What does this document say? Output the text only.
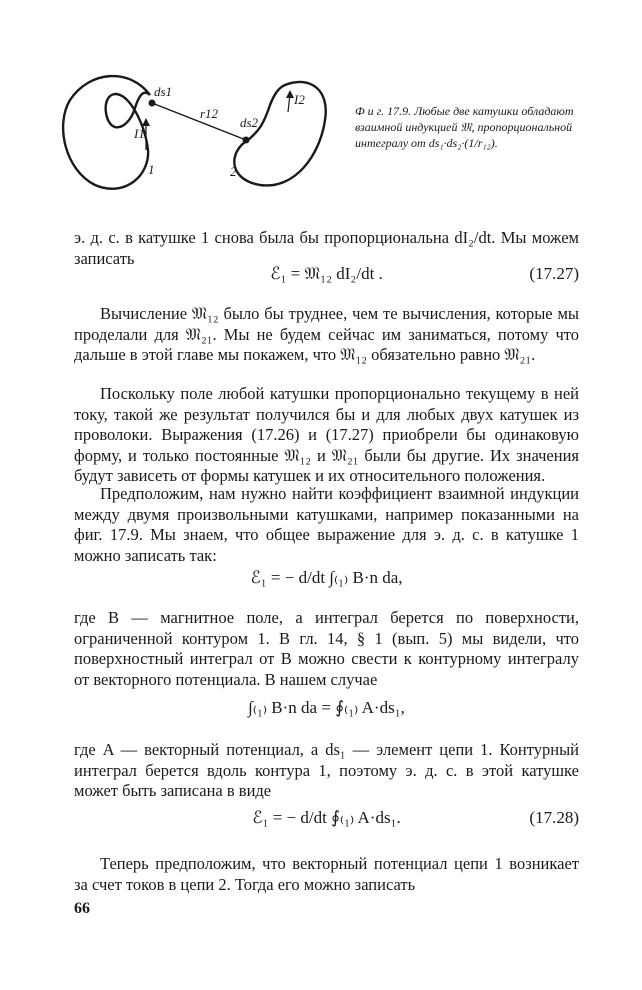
ds1
r12
ds2
I1
I2
1	2
Ф и г. 17.9. Любые две катушки обладают взаимной индукцией 𝔐, пропорциональной интегралу от ds₁·ds₂·(1/r₁₂).

э. д. с. в катушке 1 снова была бы пропорциональна dI₂/dt. Мы можем записать

ℰ₁ = 𝔐₁₂ dI₂/dt .	(17.27)

Вычисление 𝔐₁₂ было бы труднее, чем те вычисления, которые мы проделали для 𝔐₂₁. Мы не будем сейчас им заниматься, потому что дальше в этой главе мы покажем, что 𝔐₁₂ обязательно равно 𝔐₂₁.

Поскольку поле любой катушки пропорционально текущему в ней току, такой же результат получился бы и для любых двух катушек из проволоки. Выражения (17.26) и (17.27) приобрели бы одинаковую форму, и только постоянные 𝔐₁₂ и 𝔐₂₁ были бы другие. Их значения будут зависеть от формы катушек и их относительного положения.

Предположим, нам нужно найти коэффициент взаимной индукции между двумя произвольными катушками, например показанными на фиг. 17.9. Мы знаем, что общее выражение для э. д. с. в катушке 1 можно записать так:

ℰ₁ = − d/dt ∫₍₁₎ B·n da,

где B — магнитное поле, а интеграл берется по поверхности, ограниченной контуром 1. В гл. 14, § 1 (вып. 5) мы видели, что поверхностный интеграл от B можно свести к контурному интегралу от векторного потенциала. В нашем случае

∫₍₁₎ B·n da = ∮₍₁₎ A·ds₁,

где A — векторный потенциал, а ds₁ — элемент цепи 1. Контурный интеграл берется вдоль контура 1, поэтому э. д. с. в этой катушке может быть записана в виде

ℰ₁ = − d/dt ∮₍₁₎ A·ds₁.	(17.28)

Теперь предположим, что векторный потенциал цепи 1 возникает за счет токов в цепи 2. Тогда его можно записать

66
